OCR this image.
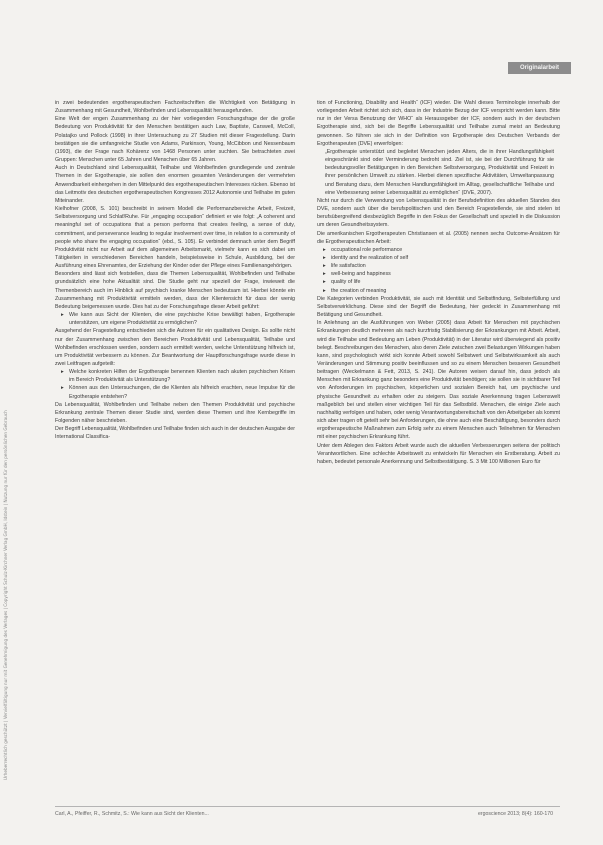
Urheberrechtlich geschützt | Vervielfältigung nur mit Genehmigung des Verlages | Copyright Schulz-Kirchner Verlag GmbH, Idstein | Nutzung nur für den persönlichen Gebrauch
Originalarbeit

in zwei bedeutenden ergotherapeutischen Fachzeitschriften die Wichtigkeit von Betätigung in Zusammenhang mit Gesundheit, Wohlbefinden und Lebensqualität herausgefunden.

Eine Welt der engen Zusammenhang zu der hier vorliegenden Forschungsfrage der die große Bedeutung von Produktivität für den Menschen bestätigen auch Law, Baptiste, Carswell, McColl, Polatajko und Pollock (1998) in ihrer Untersuchung zu 27 Studien mit dieser Fragestellung. Darin bestätigen sie die umfangreiche Studie von Adams, Parkinson, Young, McCibbon und Nessenbaum (1993), die der Frage nach Kohärenz von 1468 Personen unter suchten. Sie betrachteten zwei Gruppen: Menschen unter 65 Jahren und Menschen über 65 Jahren.

Auch in Deutschland sind Lebensqualität, Teilhabe und Wohlbefinden grundlegende und zentrale Themen in der Ergotherapie, sie sollen den enormen gesamten Veränderungen der vermehrten Anwendbarkeit einhergehen in den Mittelpunkt des ergotherapeutischen Interesses rücken. Ebenso ist das Leitmotiv des deutschen ergotherapeutischen Kongresses 2012 Autonomie und Teilhabe im guten Miteinander.

Kielhofner (2008, S. 101) beschreibt in seinem Modell die Performanzbereiche Arbeit, Freizeit, Selbstversorgung und Schlaf/Ruhe. Für „engaging occupation“ definiert er wie folgt: „A coherent and meaningful set of occupations that a person performs that creates feeling, a sense of duty, commitment, and perseverance leading to regular involvement over time, in relation to a community of people who share the engaging occupation“ (ebd., S. 105). Er verbindet demnach unter dem Begriff Produktivität nicht nur Arbeit auf dem allgemeinen Arbeitsmarkt, vielmehr kann es sich dabei um Tätigkeiten in verschiedenen Bereichen handeln, beispielsweise in Schule, Ausbildung, bei der Ausführung eines Ehrenamtes, der Erziehung der Kinder oder der Pflege eines Familienangehörigen.

Besonders sind lässt sich feststellen, dass die Themen Lebensqualität, Wohlbefinden und Teilhabe grundsätzlich eine hohe Aktualität sind. Die Studie geht nur speziell der Frage, inwieweit die Themenbereich auch im Hinblick auf psychisch kranke Menschen bedeutsam ist. Hierbei könnte ein Zusammenhang mit Produktivität ermitteln werden, dass der Klientensicht für dass der wenig Bedeutung beigemessen wurde. Dies hat zu der Forschungsfrage dieser Arbeit geführt:

▸ Wie kann aus Sicht der Klienten, die eine psychische Krise bewältigt haben, Ergotherapie unterstützen, um eigene Produktivität zu ermöglichen?

Ausgehend der Fragestellung entschieden sich die Autoren für ein qualitatives Design. Es sollte nicht nur der Zusammenhang zwischen den Bereichen Produktivität und Lebensqualität, Teilhabe und Wohlbefinden erschlossen werden, sondern auch ermittelt werden, welche Unterstützung hilfreich ist, um Produktivität verbessern zu können. Zur Beantwortung der Hauptforschungsfrage wurde diese in zwei Leitfragen aufgeteilt:

▸ Welche konkreten Hilfen der Ergotherapie benennen Klienten nach akuten psychischen Krisen im Bereich Produktivität als Unterstützung?

▸ Können aus den Untersuchungen, die die Klienten als hilfreich erachten, neue Impulse für die Ergotherapie entstehen?

Da Lebensqualität, Wohlbefinden und Teilhabe neben den Themen Produktivität und psychische Erkrankung zentrale Themen dieser Studie sind, werden diese Themen und ihre Kernbegriffe im Folgenden näher beschrieben.

Der Begriff Lebensqualität, Wohlbefinden und Teilhabe finden sich auch in der deutschen Ausgabe der International Classifica-

tion of Functioning, Disability and Health“ (ICF) wieder. Die Wahl dieses Terminologie innerhalb der vorliegenden Arbeit richtet sich sich, dass in der Industrie Bezug der ICF verspricht werden kann. Bitte nur in der Versa Benutzung der WHO“ als Heraussgeber der ICF, sondern auch in der deutschen Ergotherapie sind, sich bei die Begriffe Lebensqualität und Teilhabe zumal meist an Bedeutung gewonnen. So führen sie sich in der Definition von Ergotherapie des Deutschen Verbands der Ergotherapeuten (DVE) erwerfolgen:

„Ergotherapie unterstützt und begleitet Menschen jeden Alters, die in ihrer Handlungsfähigkeit eingeschränkt sind oder Verminderung bedroht sind. Ziel ist, sie bei der Durchführung für sie bedeutungsvoller Betätigungen in den Bereichen Selbstversorgung, Produktivität und Freizeit in ihrer persönlichen Umwelt zu stärken. Hierbei dienen spezifische Aktivitäten, Umweltanpassung und Beratung dazu, dem Menschen Handlungsfähigkeit im Alltag, gesellschaftliche Teilhabe und eine Verbesserung seiner Lebensqualität zu ermöglichen“ (DVE, 2007).

Nicht nur durch die Verwendung von Lebensqualität in der Berufsdefinition des aktuellen Standes des DVE, sondern auch über die berufspolitischen und den Bereich Fragestellende, sie sind stelen ist berufsübergreifend diesbezüglich Begriffe in den Fokus der Gesellschaft und speziell in die Diskussion um deren Gesundheitssystem.

Die amerikanischen Ergotherapeuten Christiansen et al. (2005) nennen sechs Outcome-Ansätzen für die Ergotherapeutischen Arbeit:

▸ occupational role performance

▸ identity and the realization of self

▸ life satisfaction

▸ well-being and happiness

▸ quality of life

▸ the creation of meaning

Die Kategorien verbinden Produktivität, sie auch mit Identität und Selbstfindung, Selbsterfüllung und Selbstverwirklichung. Diese sind der Begriff die Bedeutung, hier gedeckt in Zusammenhang mit Betätigung und Gesundheit.

In Anlehnung an die Ausführungen von Weber (2005) dass Arbeit für Menschen mit psychischen Erkrankungen deutlich mehreren als nach kurzfristig Stabilisierung der Erkrankungen mit Arbeit. Arbeit, wird die Teilhabe und Bedeutung am Leben (Produktivität) in der Literatur wird überwiegend als positiv belegt. Beschreibungen des Menschen, also deren Ziele zwischen zwei Belastungen Wirkungen haben kann, sind psychologisch wirkt sich konnte Arbeit sowohl Selbstwert und Selbstwirksamkeit als auch Veränderungen und Stimmung positiv beeinflussen und so zu einem Menschen besseren Gesundheit beitragen (Weckelmann & Fett, 2013, S. 241). Die Autoren weisen darauf hin, dass jedoch als Menschen mit Erkrankung ganz besonders eine Produktivität benötigen; sie sollen sie in sichtbarer Teil von Anforderungen im psychischen, körperlichen und sozialen Bereich hat, um psychische und physische Gesundheit zu erhalten oder zu steigern. Das soziale Anerkennung tragen Lebenswelt maßgeblich bei und stellen einer wichtigen Teil für das Selbstbild. Menschen, die einige Ziele auch nachhaltig verfolgen und haben, oder wenig Verantwortungsbereitschaft von den Arbeitgeber als kommt sich aber tragen oft geteilt sehr bei Anforderungen, die ohne auch eine Beschäftigung, besonders durch ergotherapeutische Maßnahmen zum Erfolg sehr zu einem Menschen auch Teilnehmen für Menschen mit einer psychischen Erkrankung führt.

Unter dem Ablegen des Faktors Arbeit wurde auch die aktuellen Verbesserungen seitens der politisch Verantwortlichen. Eine schlechte Arbeitswelt zu entwickeln für Menschen ein Erstberatung. Arbeit zu haben, bedeutet personale Anerkennung und Selbstbestätigung. S. 3 Mit 100 Millionen Euro für

Carl, A., Pfeiffer, R., Schmitz, S.: Wie kann aus Sicht der Klienten...	ergoscience 2013; 8(4): 160-170
